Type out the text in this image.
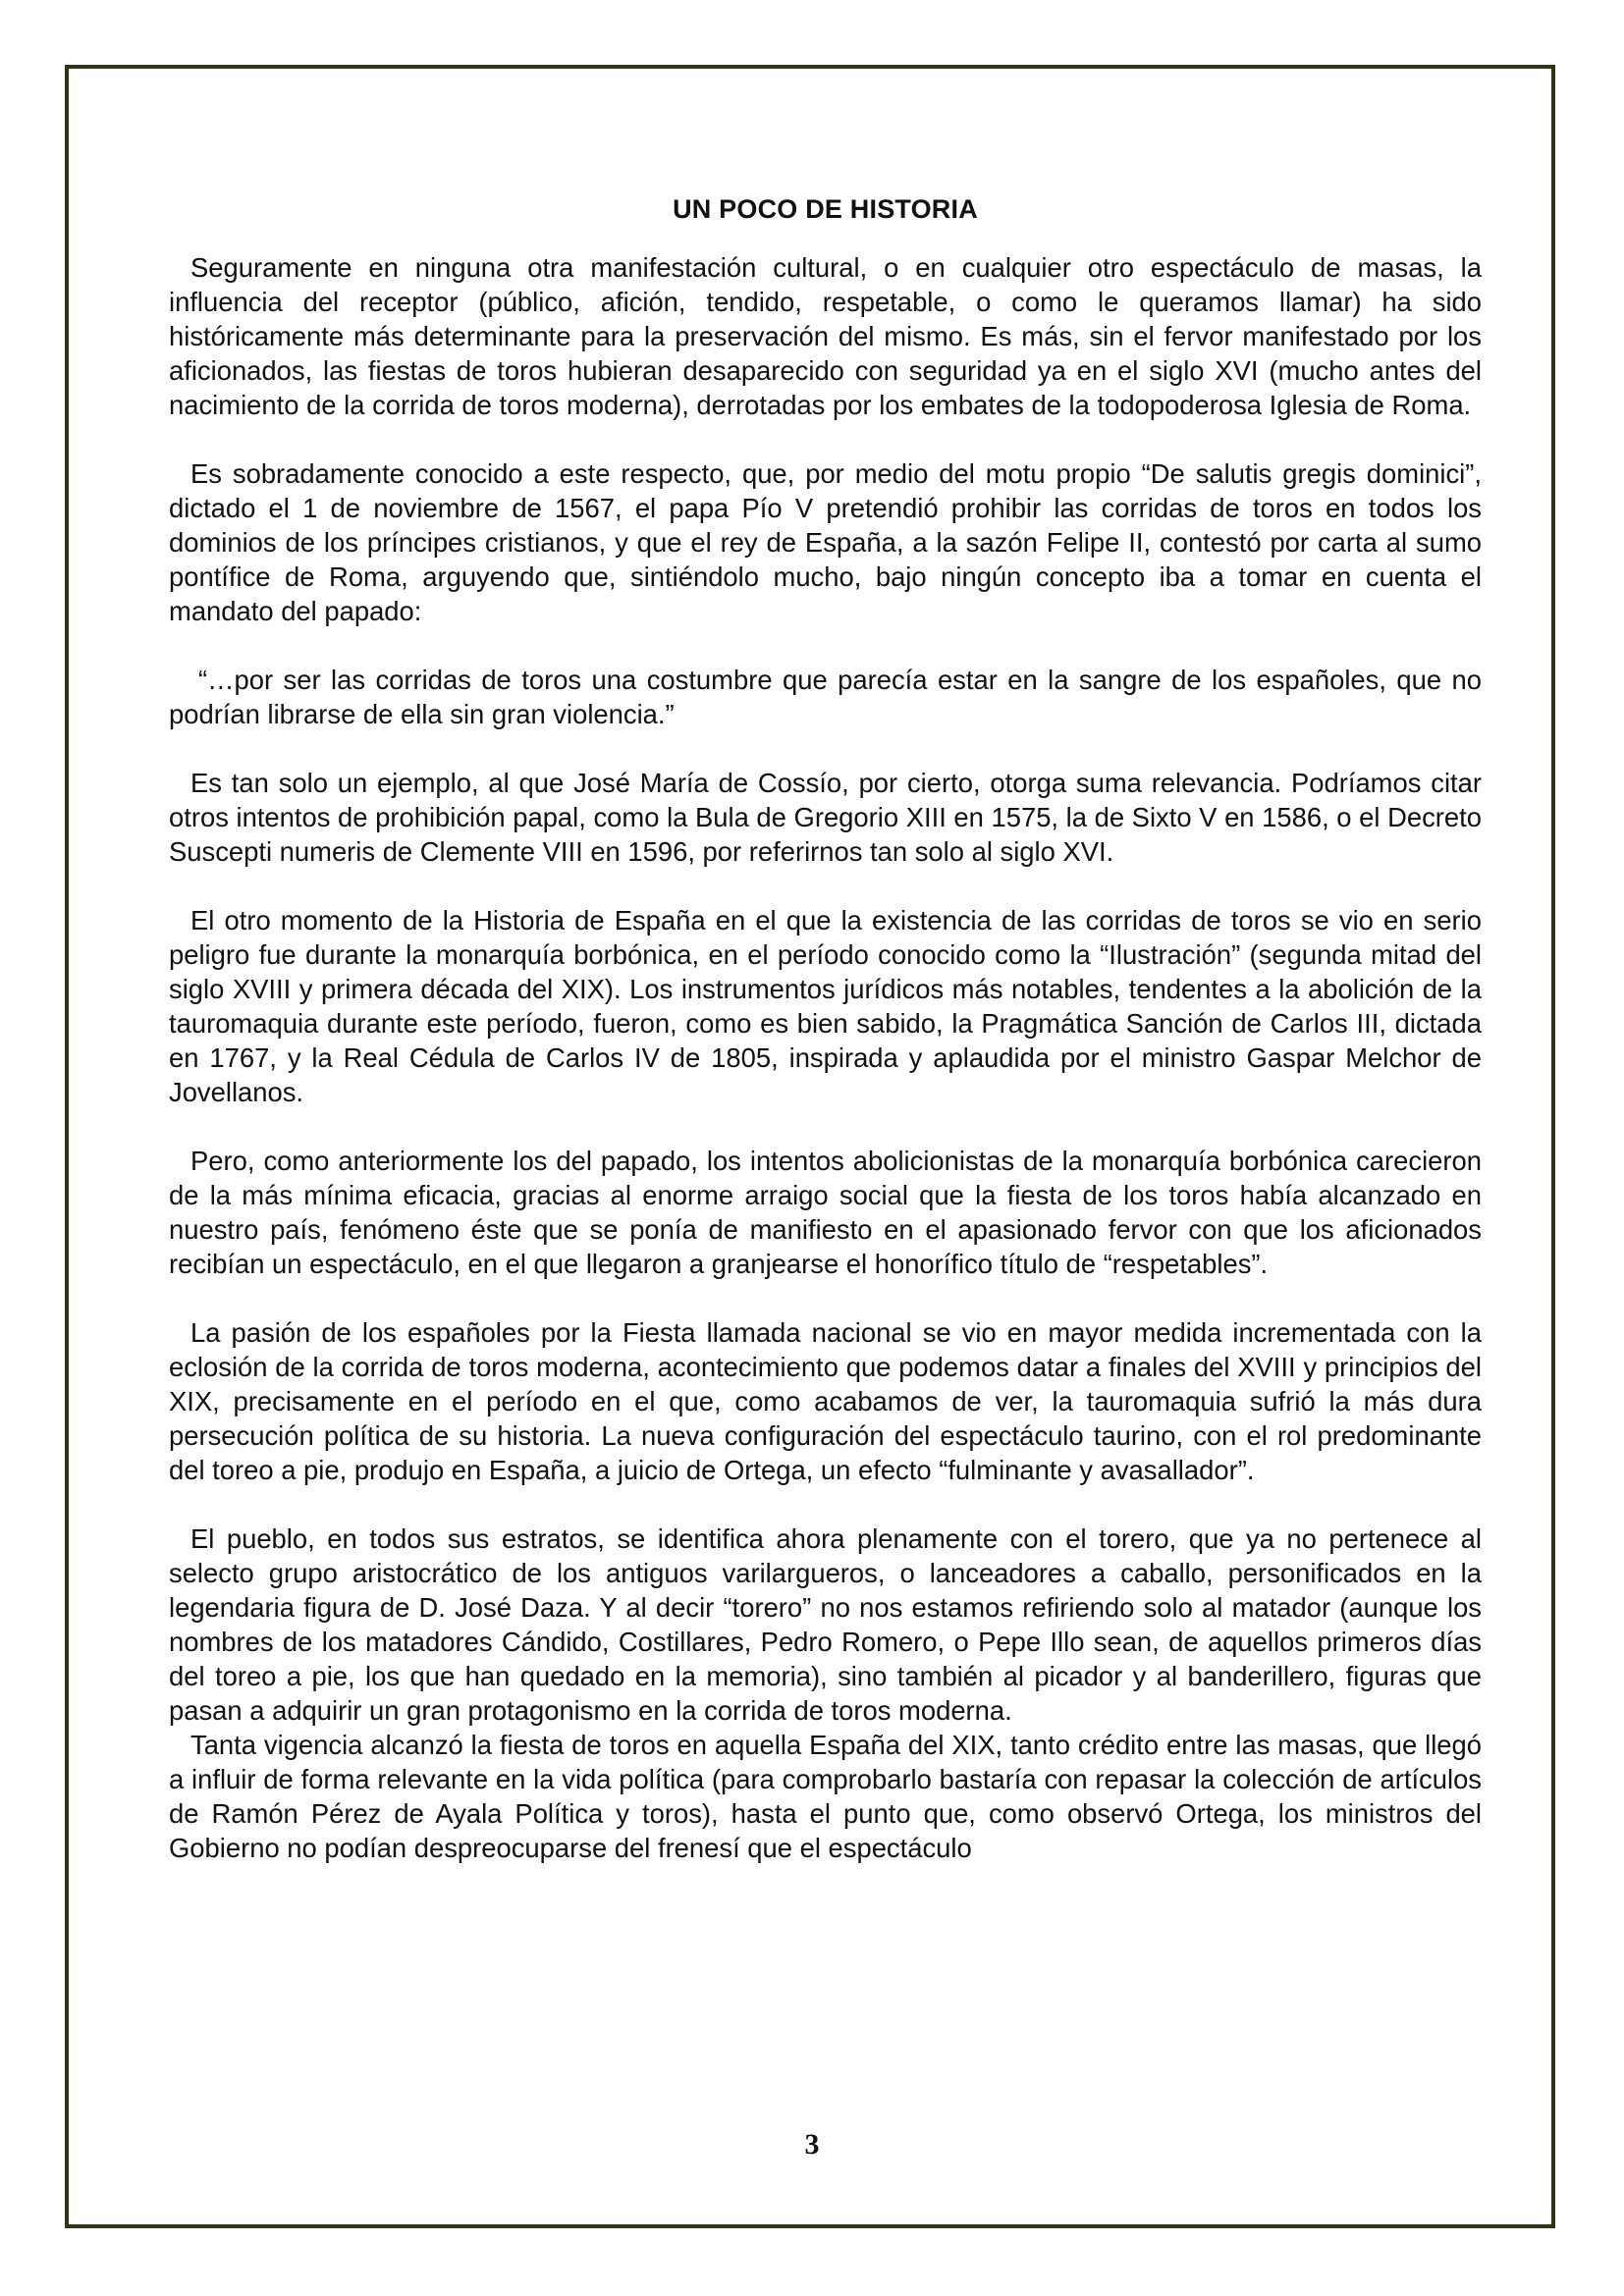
UN POCO DE HISTORIA

Seguramente en ninguna otra manifestación cultural, o en cualquier otro espectáculo de masas, la influencia del receptor (público, afición, tendido, respetable, o como le queramos llamar) ha sido históricamente más determinante para la preservación del mismo. Es más, sin el fervor manifestado por los aficionados, las fiestas de toros hubieran desaparecido con seguridad ya en el siglo XVI (mucho antes del nacimiento de la corrida de toros moderna), derrotadas por los embates de la todopoderosa Iglesia de Roma.

Es sobradamente conocido a este respecto, que, por medio del motu propio “De salutis gregis dominici”, dictado el 1 de noviembre de 1567, el papa Pío V pretendió prohibir las corridas de toros en todos los dominios de los príncipes cristianos, y que el rey de España, a la sazón Felipe II, contestó por carta al sumo pontífice de Roma, arguyendo que, sintiéndolo mucho, bajo ningún concepto iba a tomar en cuenta el mandato del papado:

“…por ser las corridas de toros una costumbre que parecía estar en la sangre de los españoles, que no podrían librarse de ella sin gran violencia.”

Es tan solo un ejemplo, al que José María de Cossío, por cierto, otorga suma relevancia. Podríamos citar otros intentos de prohibición papal, como la Bula de Gregorio XIII en 1575, la de Sixto V en 1586, o el Decreto Suscepti numeris de Clemente VIII en 1596, por referirnos tan solo al siglo XVI.

El otro momento de la Historia de España en el que la existencia de las corridas de toros se vio en serio peligro fue durante la monarquía borbónica, en el período conocido como la “Ilustración” (segunda mitad del siglo XVIII y primera década del XIX). Los instrumentos jurídicos más notables, tendentes a la abolición de la tauromaquia durante este período, fueron, como es bien sabido, la Pragmática Sanción de Carlos III, dictada en 1767, y la Real Cédula de Carlos IV de 1805, inspirada y aplaudida por el ministro Gaspar Melchor de Jovellanos.

Pero, como anteriormente los del papado, los intentos abolicionistas de la monarquía borbónica carecieron de la más mínima eficacia, gracias al enorme arraigo social que la fiesta de los toros había alcanzado en nuestro país, fenómeno éste que se ponía de manifiesto en el apasionado fervor con que los aficionados recibían un espectáculo, en el que llegaron a granjearse el honorífico título de “respetables”.

La pasión de los españoles por la Fiesta llamada nacional se vio en mayor medida incrementada con la eclosión de la corrida de toros moderna, acontecimiento que podemos datar a finales del XVIII y principios del XIX, precisamente en el período en el que, como acabamos de ver, la tauromaquia sufrió la más dura persecución política de su historia. La nueva configuración del espectáculo taurino, con el rol predominante del toreo a pie, produjo en España, a juicio de Ortega, un efecto “fulminante y avasallador”.

El pueblo, en todos sus estratos, se identifica ahora plenamente con el torero, que ya no pertenece al selecto grupo aristocrático de los antiguos varilargueros, o lanceadores a caballo, personificados en la legendaria figura de D. José Daza. Y al decir “torero” no nos estamos refiriendo solo al matador (aunque los nombres de los matadores Cándido, Costillares, Pedro Romero, o Pepe Illo sean, de aquellos primeros días del toreo a pie, los que han quedado en la memoria), sino también al picador y al banderillero, figuras que pasan a adquirir un gran protagonismo en la corrida de toros moderna.

Tanta vigencia alcanzó la fiesta de toros en aquella España del XIX, tanto crédito entre las masas, que llegó a influir de forma relevante en la vida política (para comprobarlo bastaría con repasar la colección de artículos de Ramón Pérez de Ayala Política y toros), hasta el punto que, como observó Ortega, los ministros del Gobierno no podían despreocuparse del frenesí que el espectáculo

3
